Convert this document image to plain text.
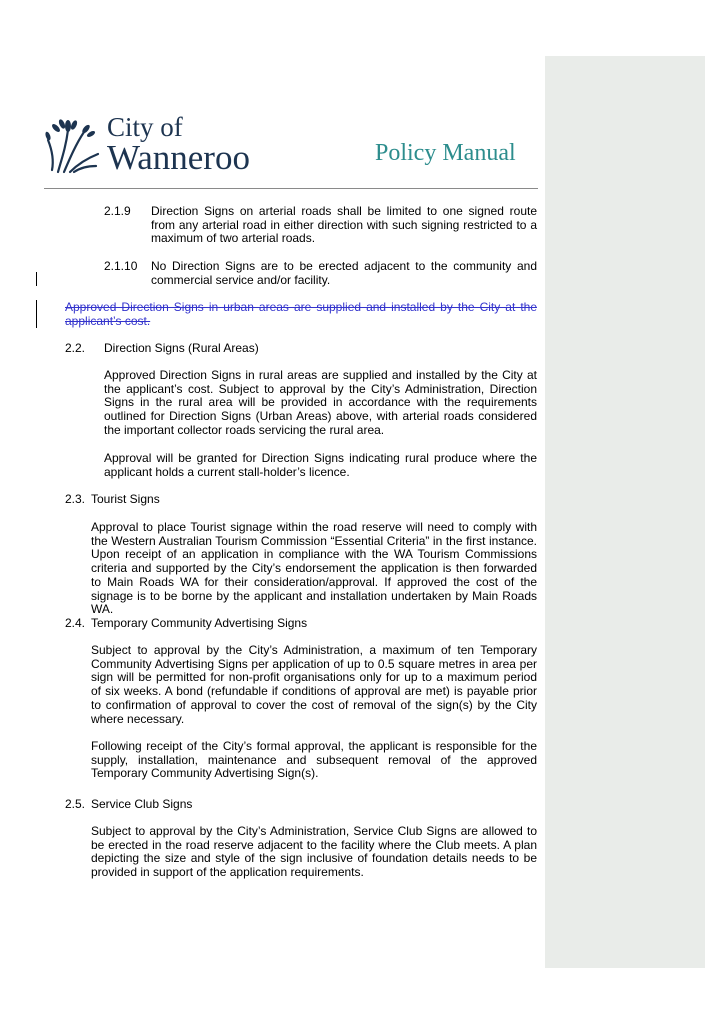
City of
Wanneroo	Policy Manual
2.1.9 Direction Signs on arterial roads shall be limited to one signed route from any arterial road in either direction with such signing restricted to a maximum of two arterial roads.

2.1.10 No Direction Signs are to be erected adjacent to the community and commercial service and/or facility.

Approved Direction Signs in urban areas are supplied and installed by the City at the applicant’s cost.

2.2. Direction Signs (Rural Areas)

Approved Direction Signs in rural areas are supplied and installed by the City at the applicant’s cost. Subject to approval by the City’s Administration, Direction Signs in the rural area will be provided in accordance with the requirements outlined for Direction Signs (Urban Areas) above, with arterial roads considered the important collector roads servicing the rural area.

Approval will be granted for Direction Signs indicating rural produce where the applicant holds a current stall-holder’s licence.

2.3. Tourist Signs

Approval to place Tourist signage within the road reserve will need to comply with the Western Australian Tourism Commission “Essential Criteria” in the first instance. Upon receipt of an application in compliance with the WA Tourism Commissions criteria and supported by the City’s endorsement the application is then forwarded to Main Roads WA for their consideration/approval. If approved the cost of the signage is to be borne by the applicant and installation undertaken by Main Roads WA.

2.4. Temporary Community Advertising Signs

Subject to approval by the City’s Administration, a maximum of ten Temporary Community Advertising Signs per application of up to 0.5 square metres in area per sign will be permitted for non-profit organisations only for up to a maximum period of six weeks. A bond (refundable if conditions of approval are met) is payable prior to confirmation of approval to cover the cost of removal of the sign(s) by the City where necessary.

Following receipt of the City’s formal approval, the applicant is responsible for the supply, installation, maintenance and subsequent removal of the approved Temporary Community Advertising Sign(s).

2.5. Service Club Signs

Subject to approval by the City’s Administration, Service Club Signs are allowed to be erected in the road reserve adjacent to the facility where the Club meets. A plan depicting the size and style of the sign inclusive of foundation details needs to be provided in support of the application requirements.
